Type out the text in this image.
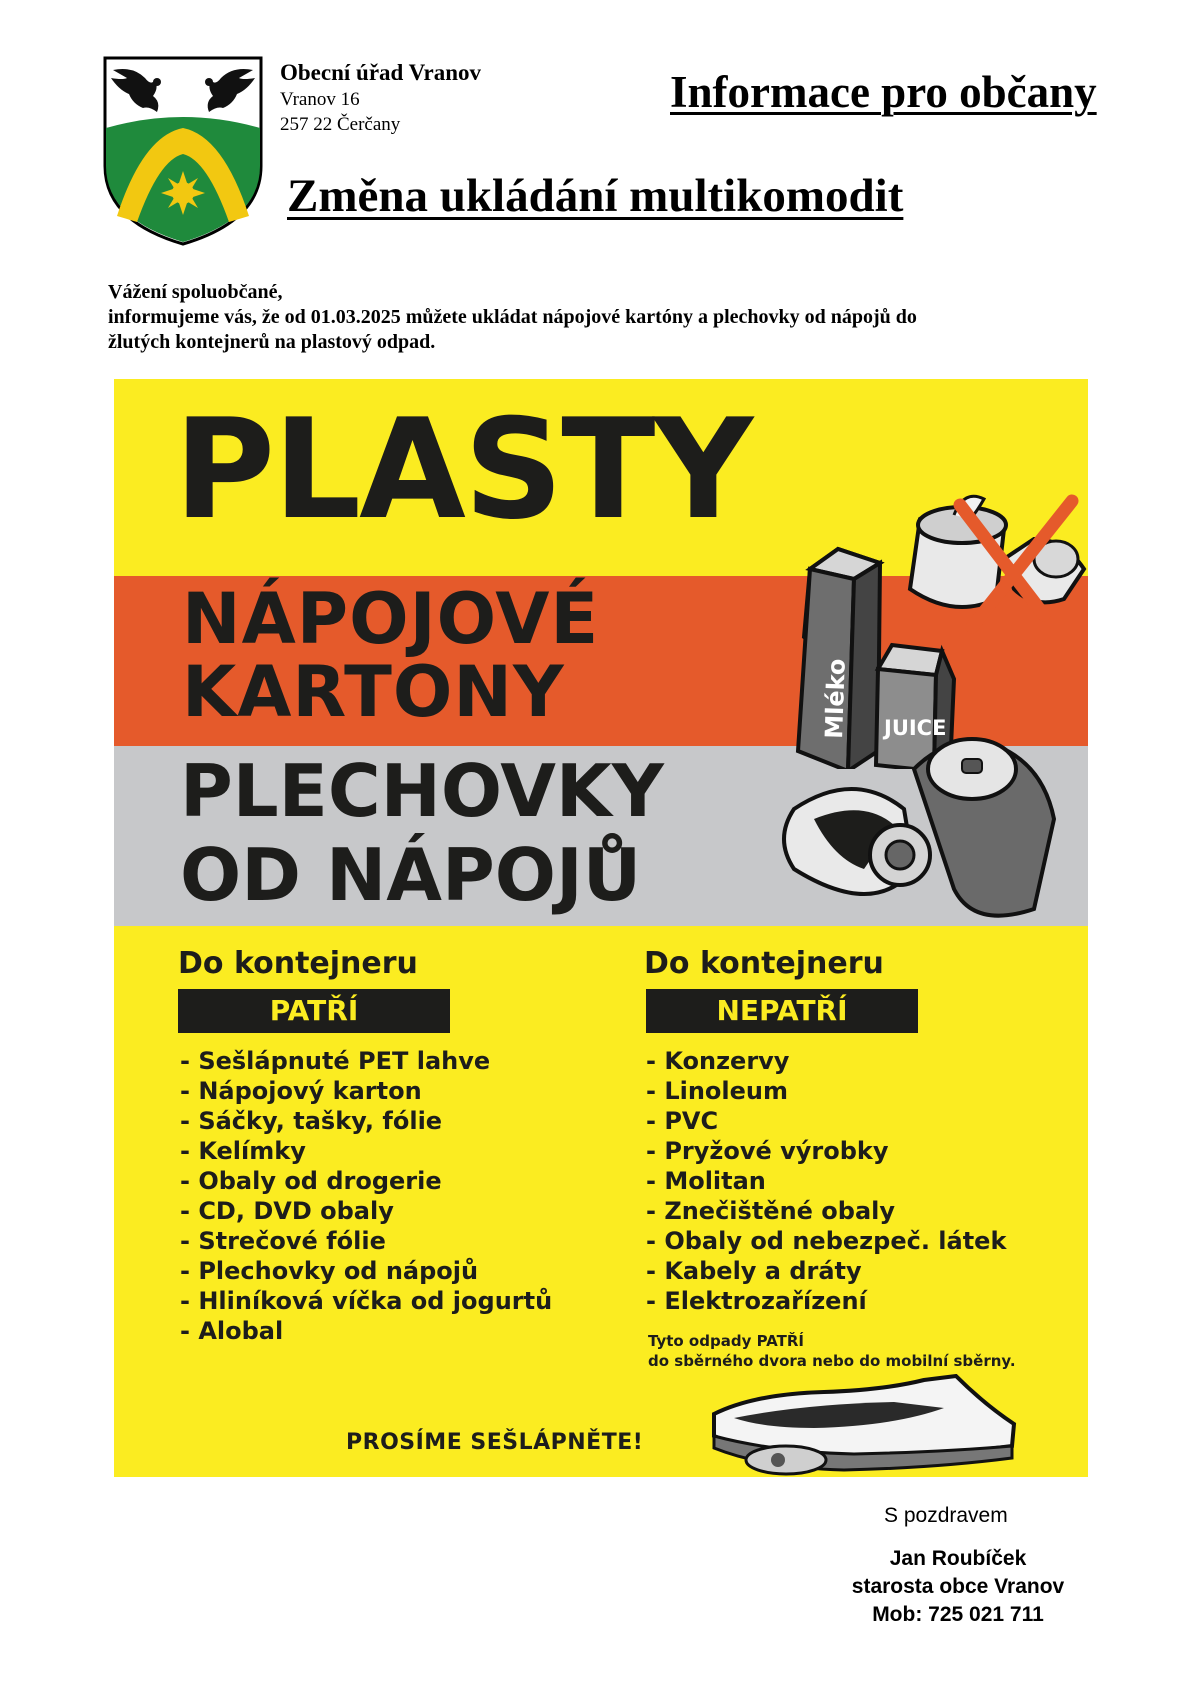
Obecní úřad Vranov
Vranov 16
257 22 Čerčany
Informace pro občany
Změna ukládání multikomodit
Vážení spoluobčané,
informujeme vás, že od 01.03.2025 můžete ukládat nápojové kartóny a plechovky od nápojů do
žlutých kontejnerů na plastový odpad.
PLASTY
NÁPOJOVÉ
KARTONY
PLECHOVKY
OD NÁPOJŮ
Mléko JUICE
Do kontejneru
PATŘÍ
- Sešlápnuté PET lahve
- Nápojový karton
- Sáčky, tašky, fólie
- Kelímky
- Obaly od drogerie
- CD, DVD obaly
- Strečové fólie
- Plechovky od nápojů
- Hliníková víčka od jogurtů
- Alobal
Do kontejneru
NEPATŘÍ
- Konzervy
- Linoleum
- PVC
- Pryžové výrobky
- Molitan
- Znečištěné obaly
- Obaly od nebezpeč. látek
- Kabely a dráty
- Elektrozařízení
Tyto odpady PATŘÍ
do sběrného dvora nebo do mobilní sběrny.
PROSÍME SEŠLÁPNĚTE!
S pozdravem
Jan Roubíček
starosta obce Vranov
Mob: 725 021 711
